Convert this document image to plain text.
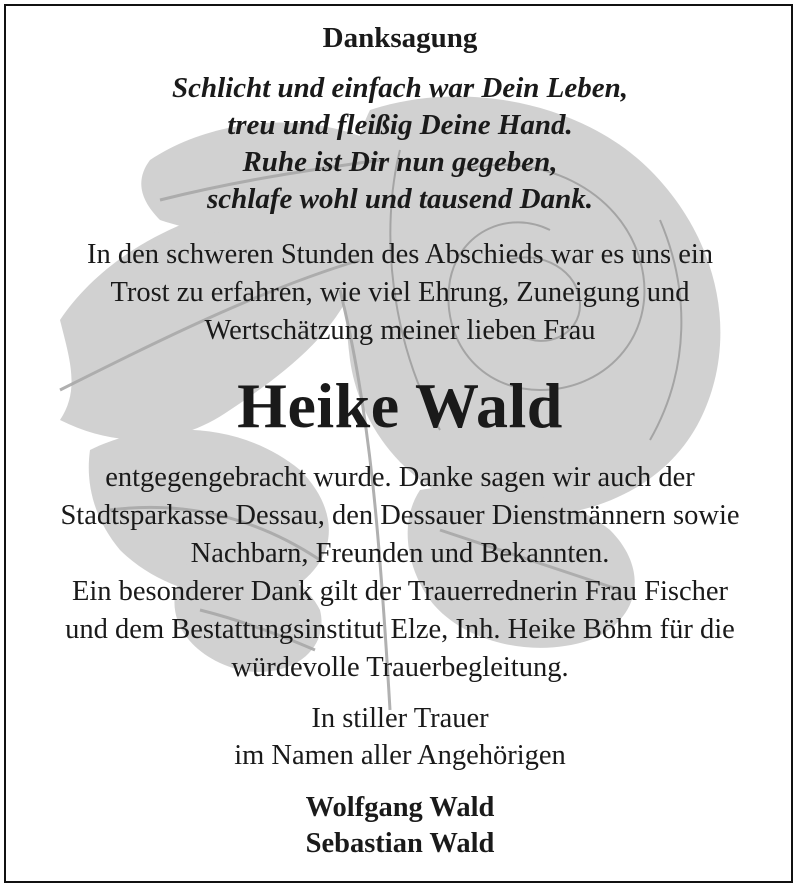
Danksagung
Schlicht und einfach war Dein Leben,
treu und fleißig Deine Hand.
Ruhe ist Dir nun gegeben,
schlafe wohl und tausend Dank.
In den schweren Stunden des Abschieds war es uns ein
Trost zu erfahren, wie viel Ehrung, Zuneigung und
Wertschätzung meiner lieben Frau
Heike Wald
entgegengebracht wurde. Danke sagen wir auch der
Stadtsparkasse Dessau, den Dessauer Dienstmännern sowie
Nachbarn, Freunden und Bekannten.
Ein besonderer Dank gilt der Trauerrednerin Frau Fischer
und dem Bestattungsinstitut Elze, Inh. Heike Böhm für die
würdevolle Trauerbegleitung.
In stiller Trauer
im Namen aller Angehörigen
Wolfgang Wald
Sebastian Wald
